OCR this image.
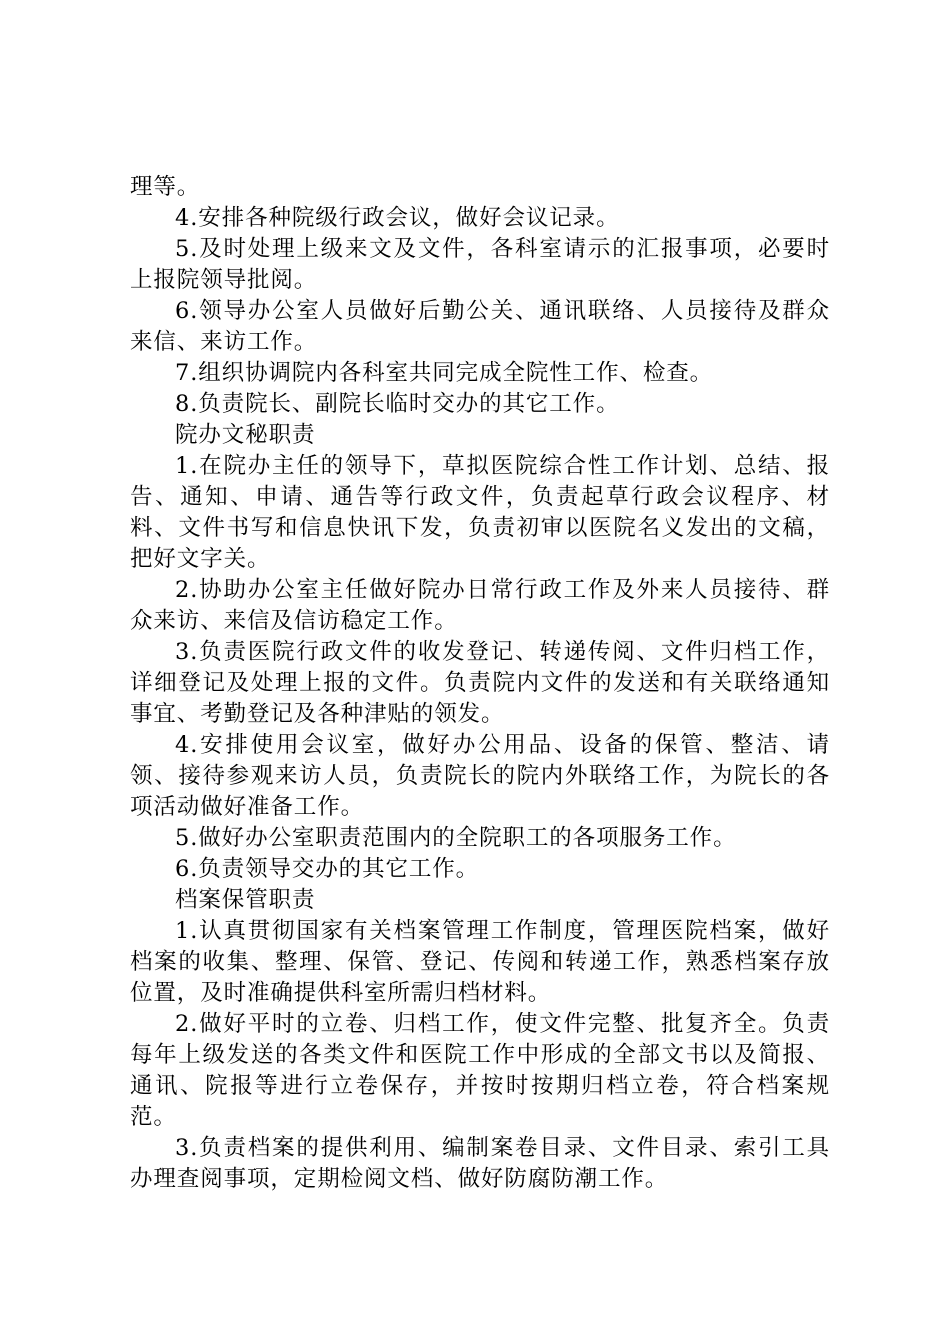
理等。

4.安排各种院级行政会议，做好会议记录。

5.及时处理上级来文及文件，各科室请示的汇报事项，必要时上报院领导批阅。

6.领导办公室人员做好后勤公关、通讯联络、人员接待及群众来信、来访工作。

7.组织协调院内各科室共同完成全院性工作、检查。

8.负责院长、副院长临时交办的其它工作。

院办文秘职责

1.在院办主任的领导下，草拟医院综合性工作计划、总结、报告、通知、申请、通告等行政文件，负责起草行政会议程序、材料、文件书写和信息快讯下发，负责初审以医院名义发出的文稿，把好文字关。

2.协助办公室主任做好院办日常行政工作及外来人员接待、群众来访、来信及信访稳定工作。

3.负责医院行政文件的收发登记、转递传阅、文件归档工作，详细登记及处理上报的文件。负责院内文件的发送和有关联络通知事宜、考勤登记及各种津贴的领发。

4.安排使用会议室，做好办公用品、设备的保管、整洁、请领、接待参观来访人员，负责院长的院内外联络工作，为院长的各项活动做好准备工作。

5.做好办公室职责范围内的全院职工的各项服务工作。

6.负责领导交办的其它工作。

档案保管职责

1.认真贯彻国家有关档案管理工作制度，管理医院档案，做好档案的收集、整理、保管、登记、传阅和转递工作，熟悉档案存放位置，及时准确提供科室所需归档材料。

2.做好平时的立卷、归档工作，使文件完整、批复齐全。负责每年上级发送的各类文件和医院工作中形成的全部文书以及简报、通讯、院报等进行立卷保存，并按时按期归档立卷，符合档案规范。

3.负责档案的提供利用、编制案卷目录、文件目录、索引工具办理查阅事项，定期检阅文档、做好防腐防潮工作。
